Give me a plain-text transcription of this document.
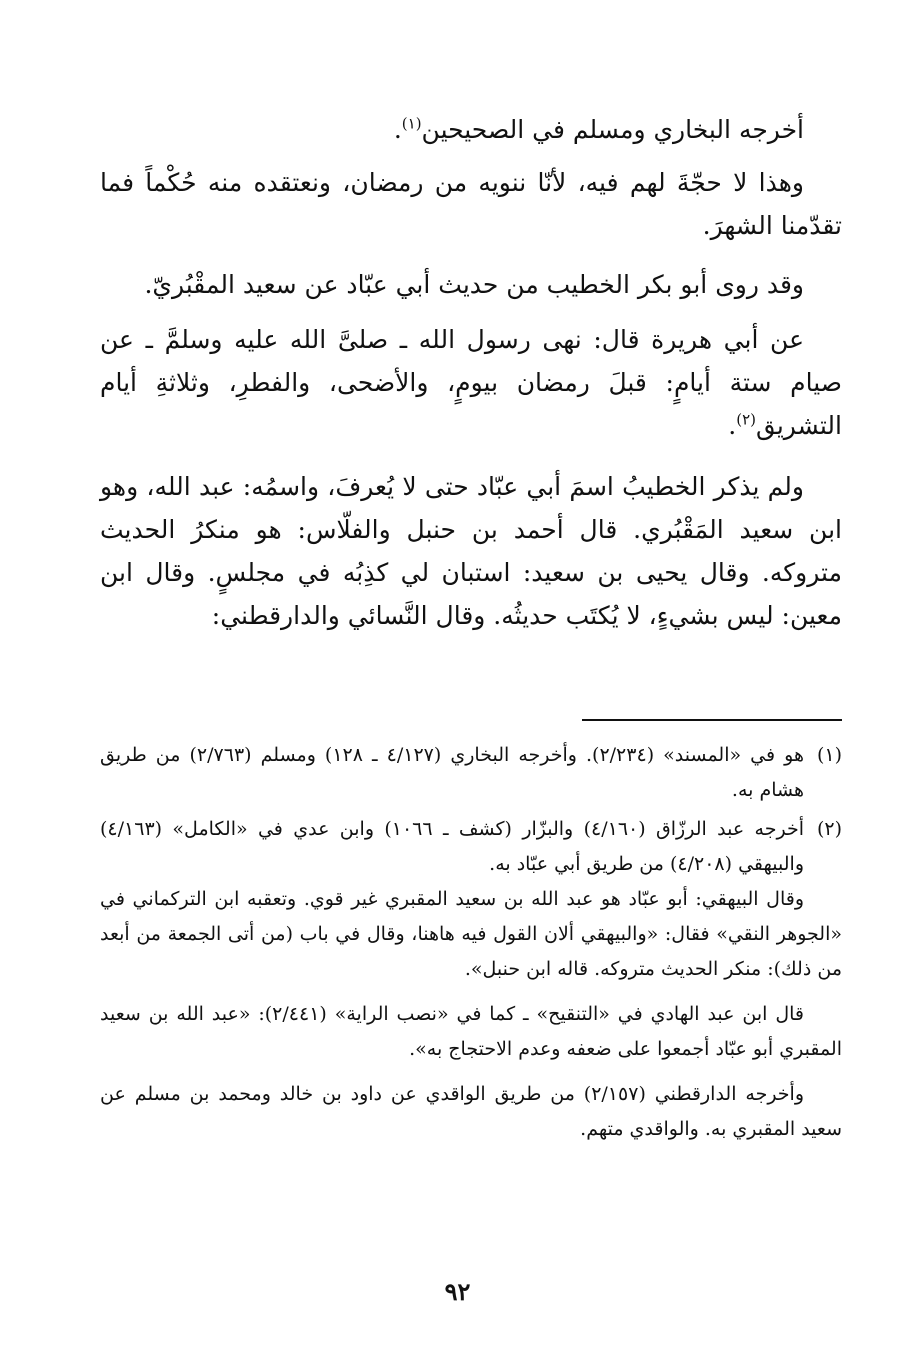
أخرجه البخاري ومسلم في الصحيحين$^{(١)}$.

وهذا لا حجّةَ لهم فيه، لأنّا ننويه من رمضان، ونعتقده منه حُكْماً فما تقدّمنا الشهرَ.

وقد روى أبو بكر الخطيب من حديث أبي عبّاد عن سعيد المقْبُريّ.

عن أبي هريرة قال: نهى رسول الله ـ صلىَّ الله عليه وسلمَّ ـ عن صيام ستة أيامٍ: قبلَ رمضان بيومٍ، والأضحى، والفطرِ، وثلاثةِ أيام التشريق$^{(٢)}$.

ولم يذكر الخطيبُ اسمَ أبي عبّاد حتى لا يُعرفَ، واسمُه: عبد الله، وهو ابن سعيد المَقْبُري. قال أحمد بن حنبل والفلّاس: هو منكرُ الحديث متروكه. وقال يحيى بن سعيد: استبان لي كذِبُه في مجلسٍ. وقال ابن معين: ليس بشيءٍ، لا يُكتَب حديثُه. وقال النَّسائي والدارقطني:

(١)
هو في «المسند» (٢/٢٣٤). وأخرجه البخاري (٤/١٢٧ ـ ١٢٨) ومسلم (٢/٧٦٣) من طريق هشام به.
(٢)
أخرجه عبد الرزّاق (٤/١٦٠) والبزّار (كشف ـ ١٠٦٦) وابن عدي في «الكامل» (٤/١٦٣) والبيهقي (٤/٢٠٨) من طريق أبي عبّاد به.

وقال البيهقي: أبو عبّاد هو عبد الله بن سعيد المقبري غير قوي. وتعقبه ابن التركماني في «الجوهر النقي» فقال: «والبيهقي ألان القول فيه هاهنا، وقال في باب (من أتى الجمعة من أبعد من ذلك): منكر الحديث متروكه. قاله ابن حنبل».

قال ابن عبد الهادي في «التنقيح» ـ كما في «نصب الراية» (٢/٤٤١): «عبد الله بن سعيد المقبري أبو عبّاد أجمعوا على ضعفه وعدم الاحتجاج به».

وأخرجه الدارقطني (٢/١٥٧) من طريق الواقدي عن داود بن خالد ومحمد بن مسلم عن سعيد المقبري به. والواقدي متهم.

٩٢
